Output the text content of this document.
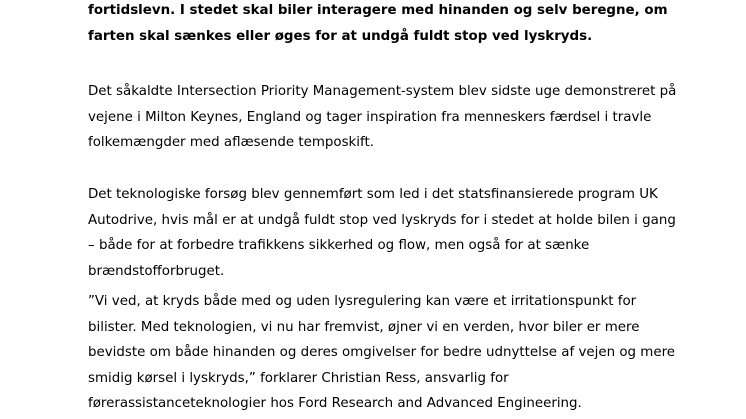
fortidslevn. I stedet skal biler interagere med hinanden og selv beregne, om
farten skal sænkes eller øges for at undgå fuldt stop ved lyskryds.

Det såkaldte Intersection Priority Management-system blev sidste uge demonstreret på
vejene i Milton Keynes, England og tager inspiration fra menneskers færdsel i travle
folkemængder med aflæsende temposkift.

Det teknologiske forsøg blev gennemført som led i det statsfinansierede program UK
Autodrive, hvis mål er at undgå fuldt stop ved lyskryds for i stedet at holde bilen i gang
– både for at forbedre trafikkens sikkerhed og flow, men også for at sænke
brændstofforbruget.

”Vi ved, at kryds både med og uden lysregulering kan være et irritationspunkt for
bilister. Med teknologien, vi nu har fremvist, øjner vi en verden, hvor biler er mere
bevidste om både hinanden og deres omgivelser for bedre udnyttelse af vejen og mere
smidig kørsel i lyskryds,” forklarer Christian Ress, ansvarlig for
førerassistanceteknologier hos Ford Research and Advanced Engineering.
